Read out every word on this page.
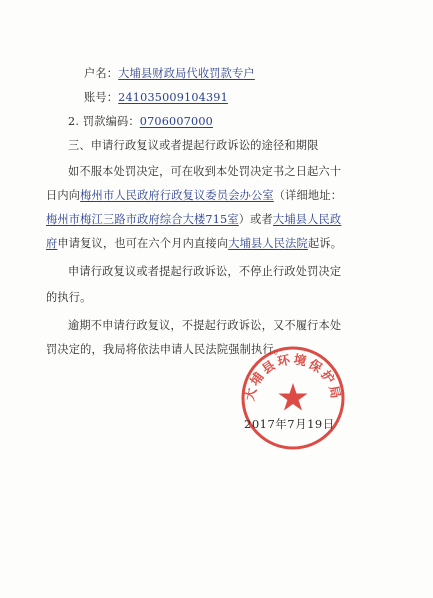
户名：大埔县财政局代收罚款专户
账号：241035009104391
2. 罚款编码：0706007000
三、申请行政复议或者提起行政诉讼的途径和期限
如不服本处罚决定，可在收到本处罚决定书之日起六十
日内向梅州市人民政府行政复议委员会办公室（详细地址：
梅州市梅江三路市政府综合大楼715室）或者大埔县人民政
府申请复议，也可在六个月内直接向大埔县人民法院起诉。
申请行政复议或者提起行政诉讼，不停止行政处罚决定
的执行。
逾期不申请行政复议，不提起行政诉讼，又不履行本处
罚决定的，我局将依法申请人民法院强制执行。
大埔县环境保护局
2017年7月19日
